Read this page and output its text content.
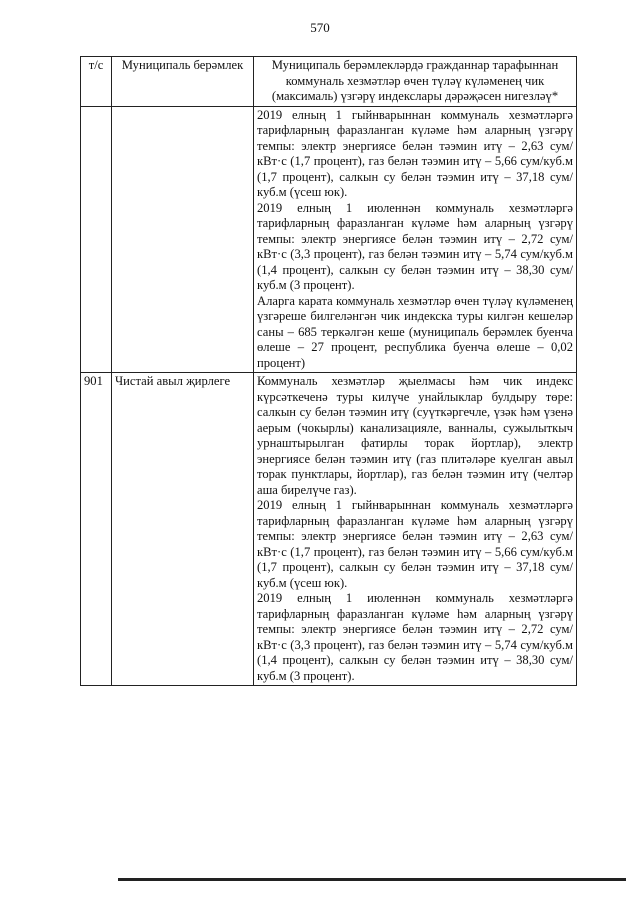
570
т/с	Муниципаль берәмлек	Муниципаль берәмлекләрдә гражданнар тарафыннан коммуналь хезмәтләр өчен түләү күләменең чик (максималь) үзгәрү индекслары дәрәҗәсен нигезләү*

		2019 елның 1 гыйнварыннан коммуналь хезмәтләргә тарифларның фаразланган күләме һәм аларның үзгәрү темпы: электр энергиясе белән тәэмин итү – 2,63 сум/кВт·с (1,7 процент), газ белән тәэмин итү – 5,66 сум/куб.м (1,7 процент), салкын су белән тәэмин итү – 37,18 сум/куб.м (үсеш юк).

2019 елның 1 июленнән коммуналь хезмәтләргә тарифларның фаразланган күләме һәм аларның үзгәрү темпы: электр энергиясе белән тәэмин итү – 2,72 сум/кВт·с (3,3 процент), газ белән тәэмин итү – 5,74 сум/куб.м (1,4 процент), салкын су белән тәэмин итү – 38,30 сум/куб.м (3 процент).

Аларга карата коммуналь хезмәтләр өчен түләү күләменең үзгәреше билгеләнгән чик индекска туры килгән кешеләр саны – 685 теркәлгән кеше (муниципаль берәмлек буенча өлеше – 27 процент, республика буенча өлеше – 0,02 процент)

901	Чистай авыл җирлеге	Коммуналь хезмәтләр җыелмасы һәм чик индекс күрсәткеченә туры килүче унайлыклар булдыру төре: салкын су белән тәэмин итү (суүткәргечле, үзәк һәм үзенә аерым (чокырлы) канализацияле, ванналы, сужылыткыч урнаштырылган фатирлы торак йортлар), электр энергиясе белән тәэмин итү (газ плитәләре куелган авыл торак пунктлары, йортлар), газ белән тәэмин итү (челтәр аша бирелүче газ).

2019 елның 1 гыйнварыннан коммуналь хезмәтләргә тарифларның фаразланган күләме һәм аларның үзгәрү темпы: электр энергиясе белән тәэмин итү – 2,63 сум/кВт·с (1,7 процент), газ белән тәэмин итү – 5,66 сум/куб.м (1,7 процент), салкын су белән тәэмин итү – 37,18 сум/куб.м (үсеш юк).

2019 елның 1 июленнән коммуналь хезмәтләргә тарифларның фаразланган күләме һәм аларның үзгәрү темпы: электр энергиясе белән тәэмин итү – 2,72 сум/кВт·с (3,3 процент), газ белән тәэмин итү – 5,74 сум/куб.м (1,4 процент), салкын су белән тәэмин итү – 38,30 сум/куб.м (3 процент).
